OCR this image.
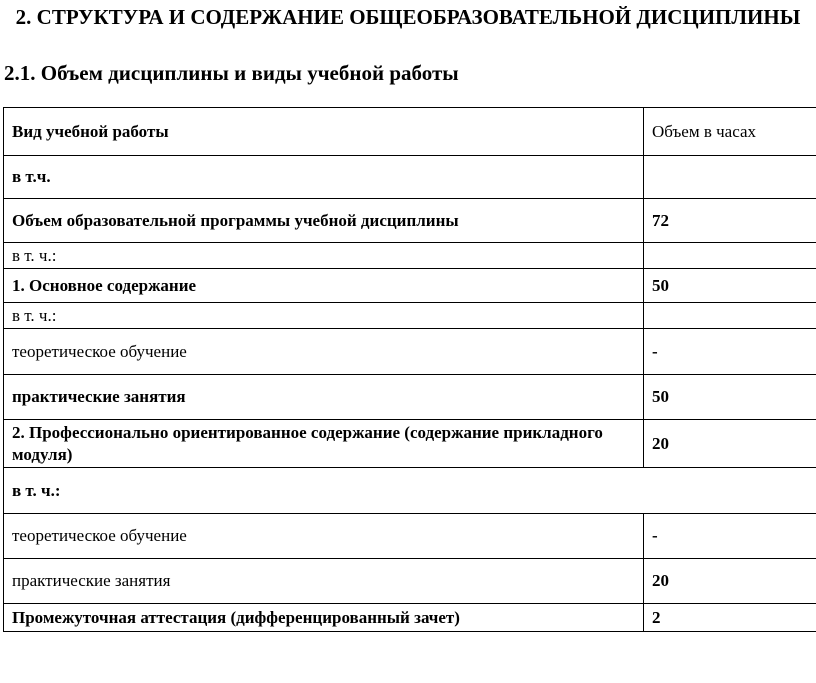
2. СТРУКТУРА И СОДЕРЖАНИЕ ОБЩЕОБРАЗОВАТЕЛЬНОЙ ДИСЦИПЛИНЫ
2.1. Объем дисциплины и виды учебной работы
Вид учебной работы	Объем в часах
в т.ч.	
Объем образовательной программы учебной дисциплины	72
в т. ч.:	
1. Основное содержание	50
в т. ч.:	
теоретическое обучение	-
практические занятия	50
2. Профессионально ориентированное содержание (содержание прикладного модуля)	20
в т. ч.:	
теоретическое обучение	-
практические занятия	20
Промежуточная аттестация (дифференцированный зачет)	2
